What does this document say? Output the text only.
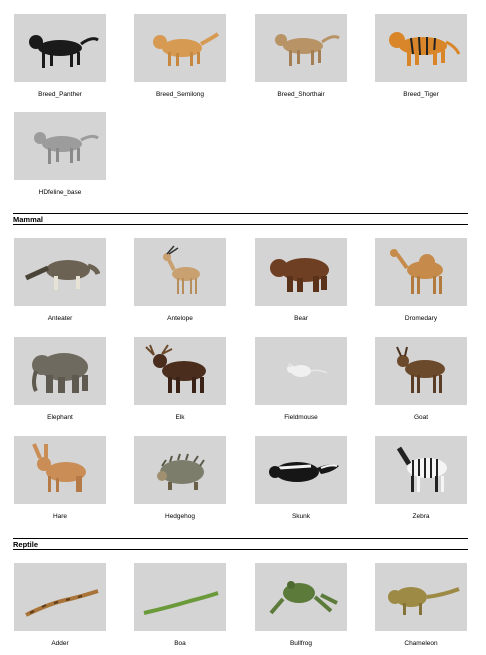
Breed_Panther	Breed_Semilong	Breed_Shorthair	Breed_Tiger
HDfeline_base
Mammal
Anteater	Antelope	Bear	Dromedary
Elephant	Elk	Fieldmouse	Goat
Hare	Hedgehog	Skunk	Zebra
Reptile
Adder	Boa	Bullfrog	Chameleon
